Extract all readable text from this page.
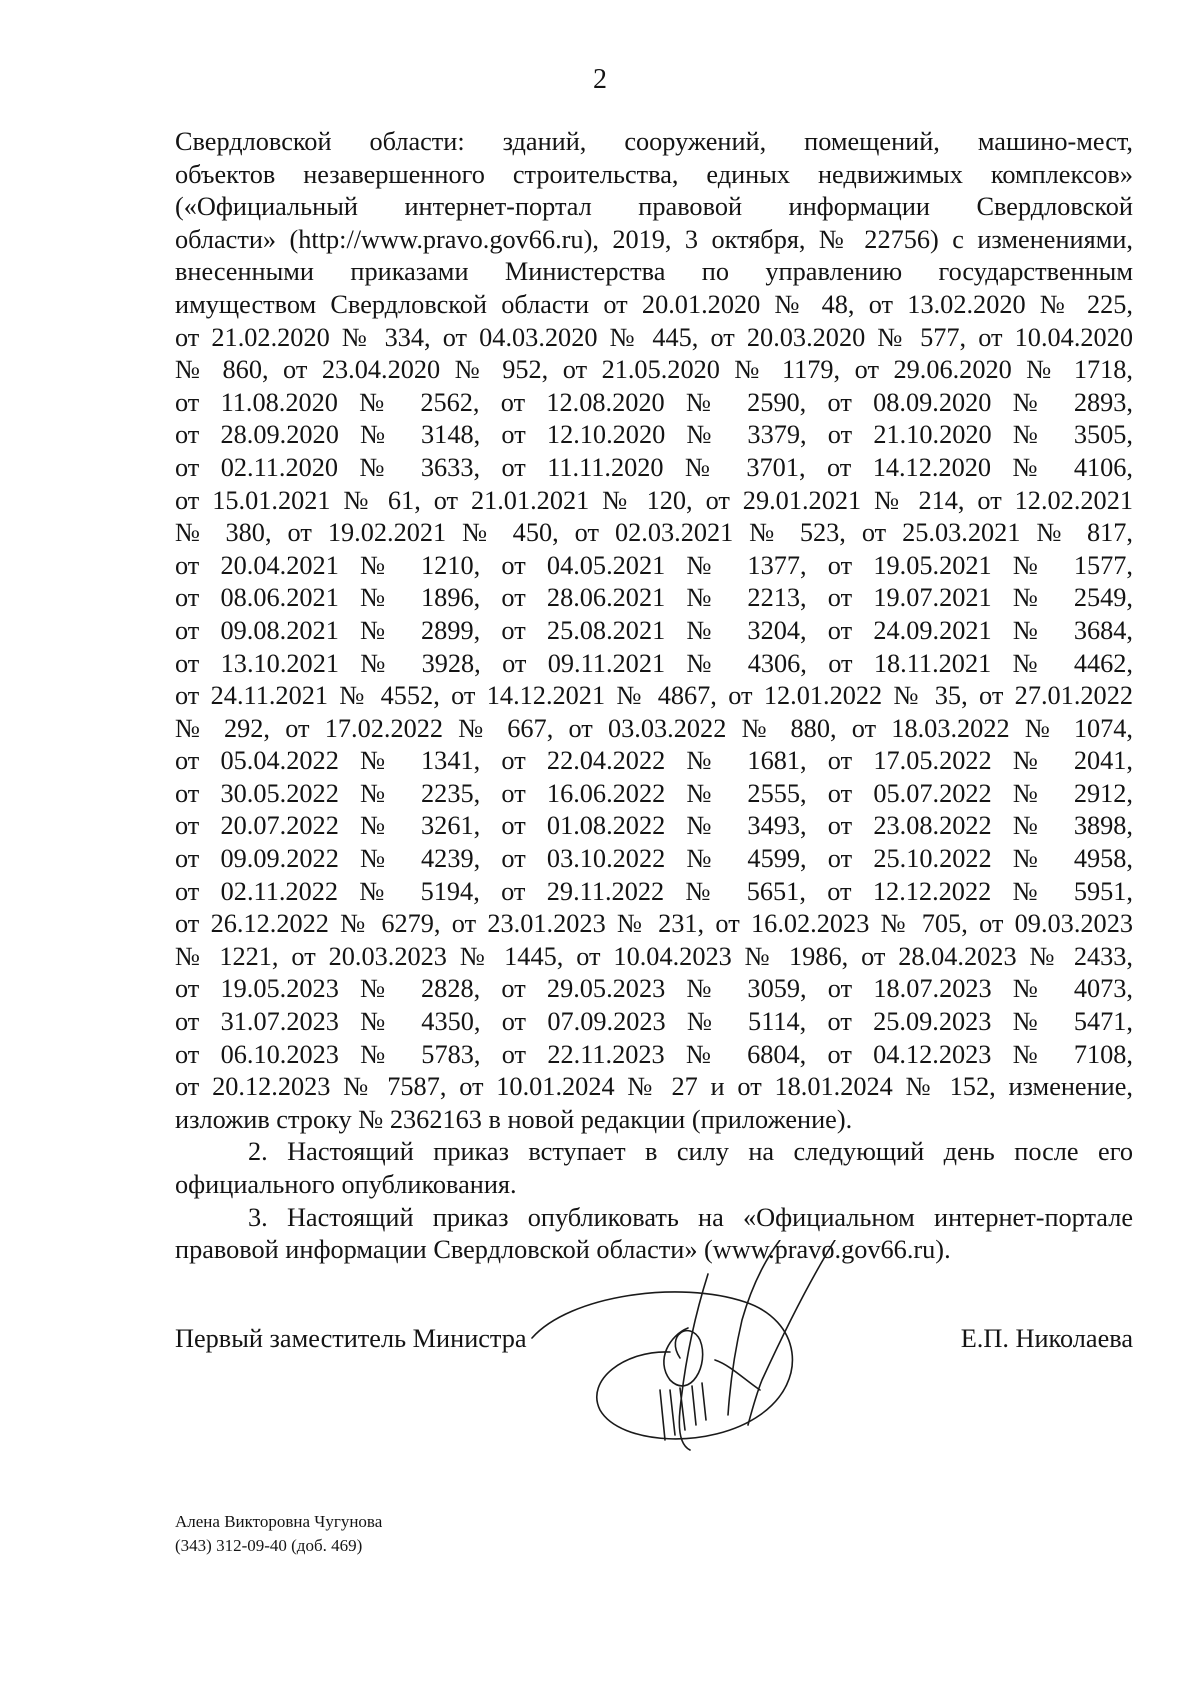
2
Свердловской области: зданий, сооружений, помещений, машино-мест,
объектов незавершенного строительства, единых недвижимых комплексов»
(«Официальный интернет-портал правовой информации Свердловской
области» (http://www.pravo.gov66.ru), 2019, 3 октября, № 22756) с изменениями,
внесенными приказами Министерства по управлению государственным
имуществом Свердловской области от 20.01.2020 № 48, от 13.02.2020 № 225,
от 21.02.2020 № 334, от 04.03.2020 № 445, от 20.03.2020 № 577, от 10.04.2020
№ 860, от 23.04.2020 № 952, от 21.05.2020 № 1179, от 29.06.2020 № 1718,
от 11.08.2020 № 2562, от 12.08.2020 № 2590, от 08.09.2020 № 2893,
от 28.09.2020 № 3148, от 12.10.2020 № 3379, от 21.10.2020 № 3505,
от 02.11.2020 № 3633, от 11.11.2020 № 3701, от 14.12.2020 № 4106,
от 15.01.2021 № 61, от 21.01.2021 № 120, от 29.01.2021 № 214, от 12.02.2021
№ 380, от 19.02.2021 № 450, от 02.03.2021 № 523, от 25.03.2021 № 817,
от 20.04.2021 № 1210, от 04.05.2021 № 1377, от 19.05.2021 № 1577,
от 08.06.2021 № 1896, от 28.06.2021 № 2213, от 19.07.2021 № 2549,
от 09.08.2021 № 2899, от 25.08.2021 № 3204, от 24.09.2021 № 3684,
от 13.10.2021 № 3928, от 09.11.2021 № 4306, от 18.11.2021 № 4462,
от 24.11.2021 № 4552, от 14.12.2021 № 4867, от 12.01.2022 № 35, от 27.01.2022
№ 292, от 17.02.2022 № 667, от 03.03.2022 № 880, от 18.03.2022 № 1074,
от 05.04.2022 № 1341, от 22.04.2022 № 1681, от 17.05.2022 № 2041,
от 30.05.2022 № 2235, от 16.06.2022 № 2555, от 05.07.2022 № 2912,
от 20.07.2022 № 3261, от 01.08.2022 № 3493, от 23.08.2022 № 3898,
от 09.09.2022 № 4239, от 03.10.2022 № 4599, от 25.10.2022 № 4958,
от 02.11.2022 № 5194, от 29.11.2022 № 5651, от 12.12.2022 № 5951,
от 26.12.2022 № 6279, от 23.01.2023 № 231, от 16.02.2023 № 705, от 09.03.2023
№ 1221, от 20.03.2023 № 1445, от 10.04.2023 № 1986, от 28.04.2023 № 2433,
от 19.05.2023 № 2828, от 29.05.2023 № 3059, от 18.07.2023 № 4073,
от 31.07.2023 № 4350, от 07.09.2023 № 5114, от 25.09.2023 № 5471,
от 06.10.2023 № 5783, от 22.11.2023 № 6804, от 04.12.2023 № 7108,
от 20.12.2023 № 7587, от 10.01.2024 № 27 и от 18.01.2024 № 152, изменение,
изложив строку № 2362163 в новой редакции (приложение).
2. Настоящий приказ вступает в силу на следующий день после его
официального опубликования.
3. Настоящий приказ опубликовать на «Официальном интернет-портале
правовой информации Свердловской области» (www.pravo.gov66.ru).
Первый заместитель Министра	Е.П. Николаева
Алена Викторовна Чугунова
(343) 312-09-40 (доб. 469)
